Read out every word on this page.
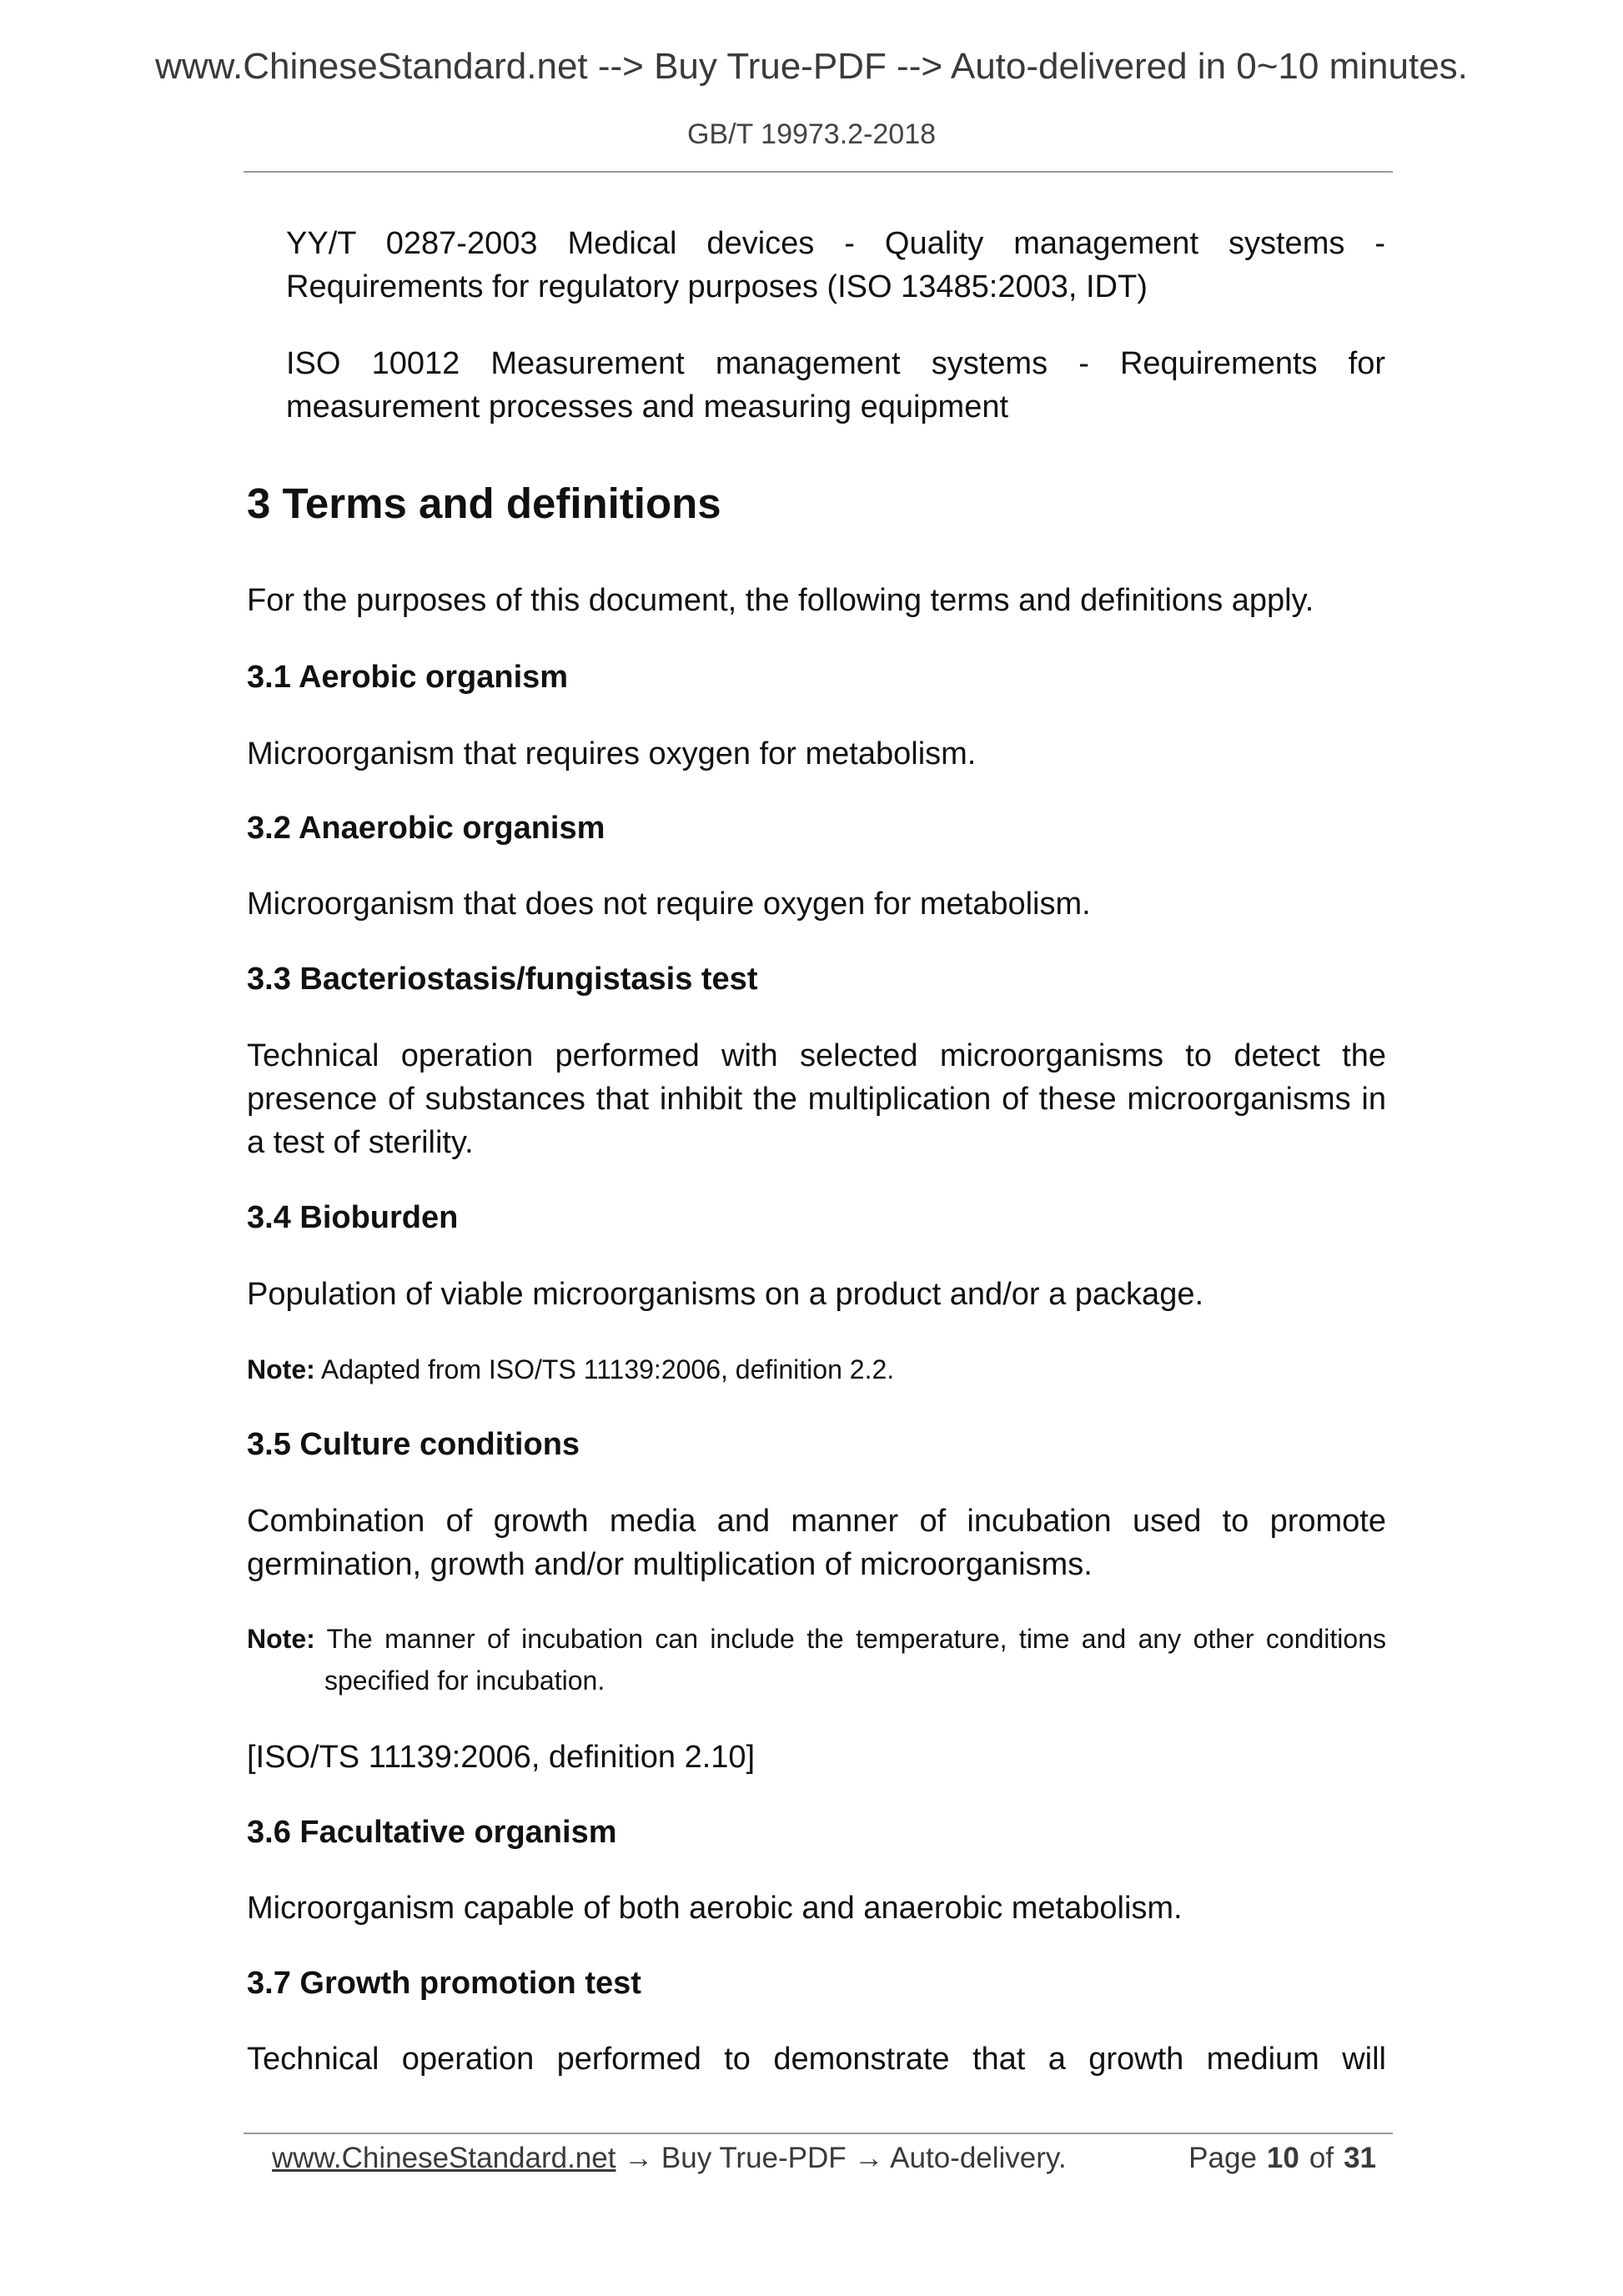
www.ChineseStandard.net --> Buy True-PDF --> Auto-delivered in 0~10 minutes.
GB/T 19973.2-2018

YY/T 0287-2003 Medical devices - Quality management systems - Requirements for regulatory purposes (ISO 13485:2003, IDT)

ISO 10012 Measurement management systems - Requirements for measurement processes and measuring equipment

3 Terms and definitions

For the purposes of this document, the following terms and definitions apply.

3.1 Aerobic organism

Microorganism that requires oxygen for metabolism.

3.2 Anaerobic organism

Microorganism that does not require oxygen for metabolism.

3.3 Bacteriostasis/fungistasis test

Technical operation performed with selected microorganisms to detect the presence of substances that inhibit the multiplication of these microorganisms in a test of sterility.

3.4 Bioburden

Population of viable microorganisms on a product and/or a package.

Note: Adapted from ISO/TS 11139:2006, definition 2.2.
3.5 Culture conditions

Combination of growth media and manner of incubation used to promote germination, growth and/or multiplication of microorganisms.

Note: The manner of incubation can include the temperature, time and any other conditions specified for incubation.

[ISO/TS 11139:2006, definition 2.10]

3.6 Facultative organism

Microorganism capable of both aerobic and anaerobic metabolism.

3.7 Growth promotion test

Technical operation performed to demonstrate that a growth medium will

www.ChineseStandard.net → Buy True-PDF → Auto-delivery.	Page 10 of 31
